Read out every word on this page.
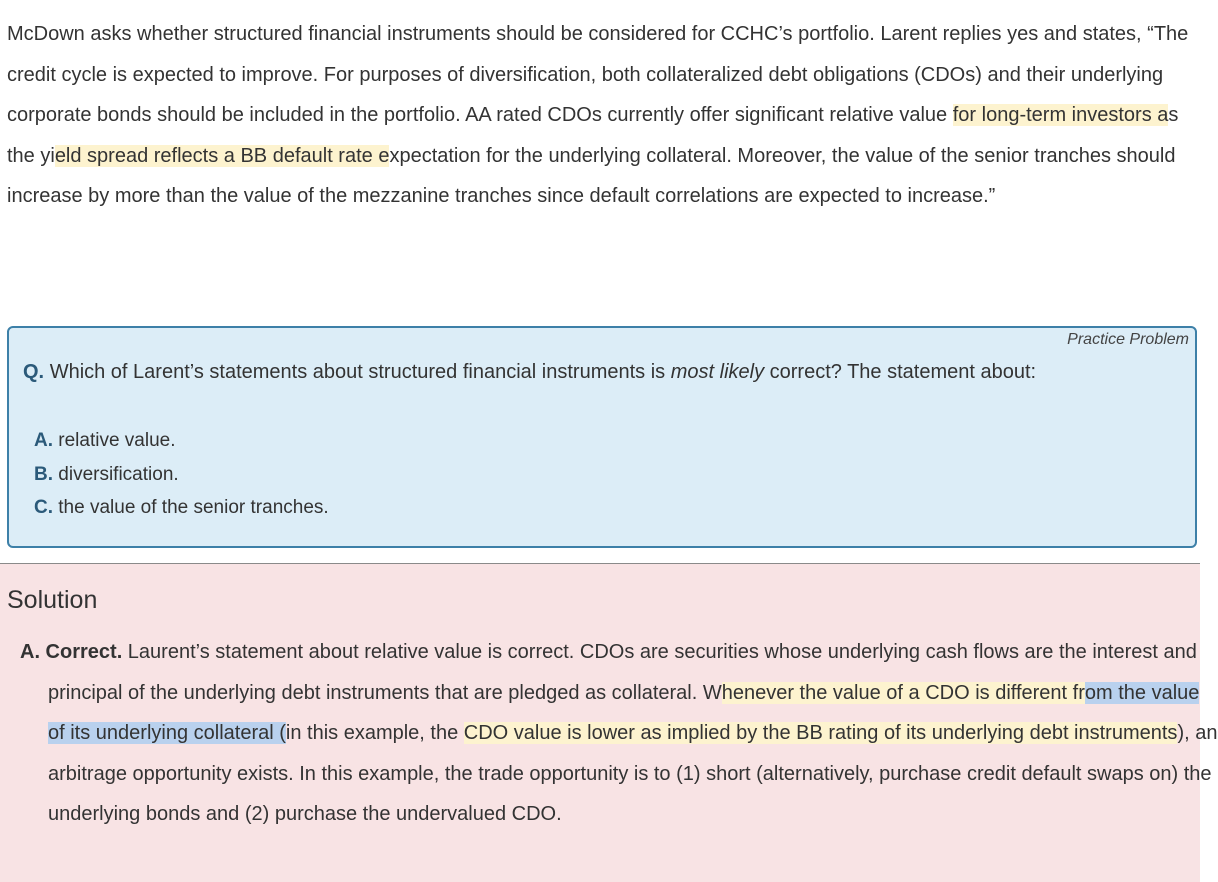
McDown asks whether structured financial instruments should be considered for CCHC’s portfolio. Larent replies yes and states, “The credit cycle is expected to improve. For purposes of diversification, both collateralized debt obligations (CDOs) and their underlying corporate bonds should be included in the portfolio. AA rated CDOs currently offer significant relative value for long-term investors as the yield spread reflects a BB default rate expectation for the underlying collateral. Moreover, the value of the senior tranches should increase by more than the value of the mezzanine tranches since default correlations are expected to increase.”
Practice Problem
Q. Which of Larent’s statements about structured financial instruments is most likely correct? The statement about:
A. relative value.
B. diversification.
C. the value of the senior tranches.
Solution
A. Correct. Laurent’s statement about relative value is correct. CDOs are securities whose underlying cash flows are the interest and principal of the underlying debt instruments that are pledged as collateral. Whenever the value of a CDO is different from the value of its underlying collateral (in this example, the CDO value is lower as implied by the BB rating of its underlying debt instruments), an arbitrage opportunity exists. In this example, the trade opportunity is to (1) short (alternatively, purchase credit default swaps on) the underlying bonds and (2) purchase the undervalued CDO.
